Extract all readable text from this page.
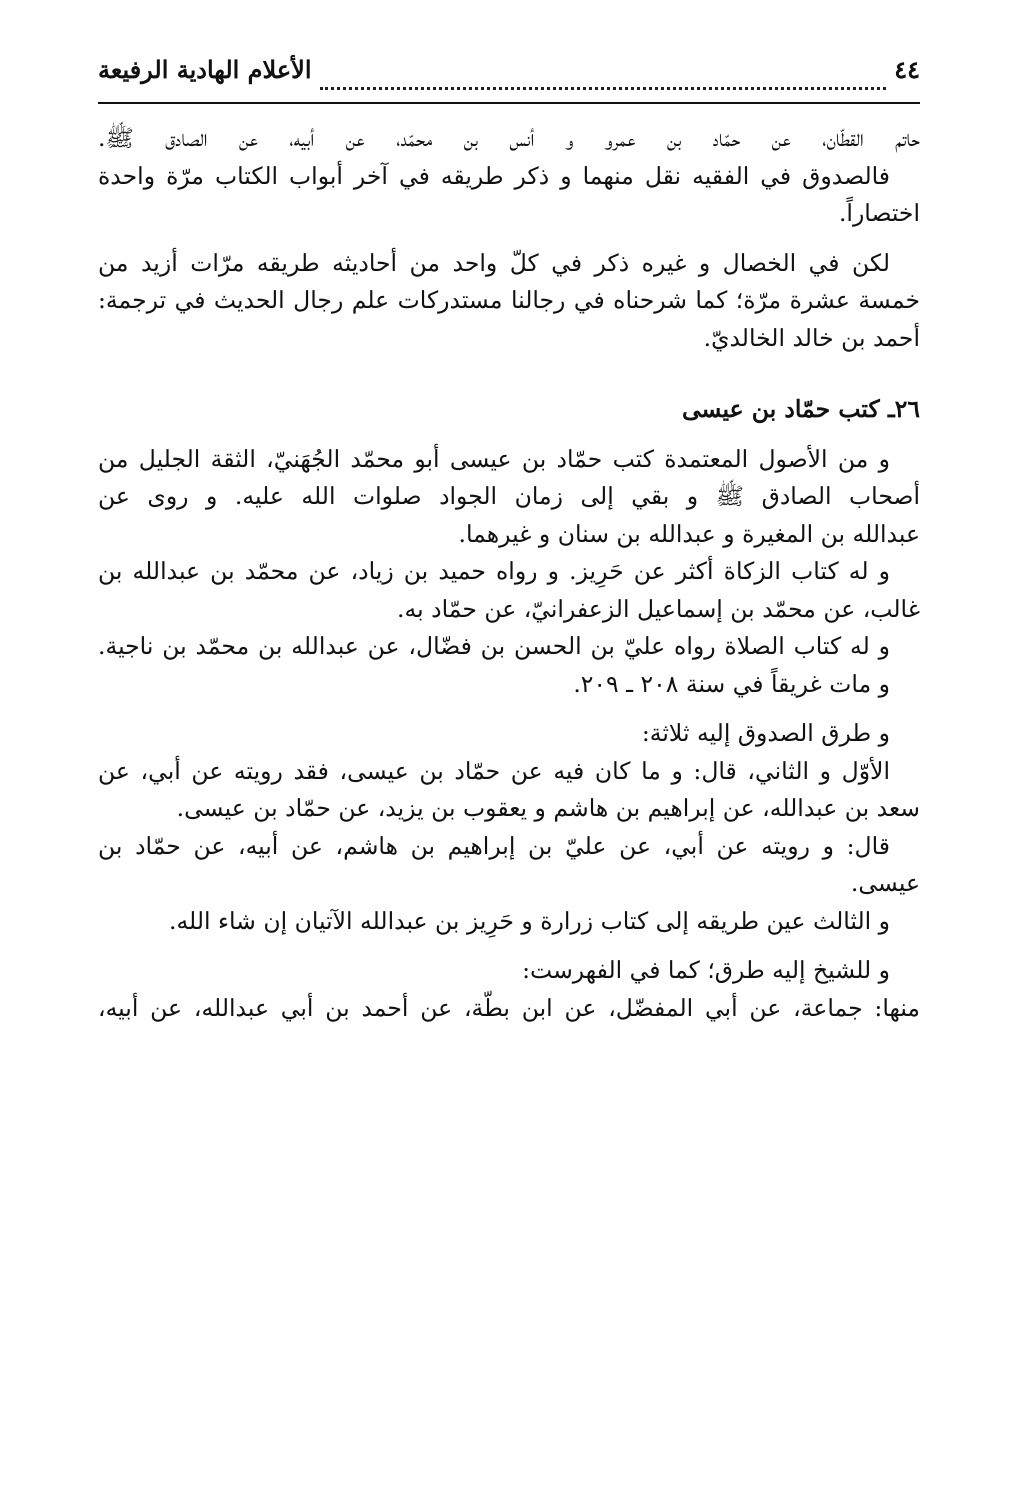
٤٤
الأعلام الهادية الرفيعة

حاتم القطّان، عن حمّاد بن عمرو و أنس بن محمّد، عن أبيه، عن الصادق ﷺ.

فالصدوق في الفقيه نقل منهما و ذكر طريقه في آخر أبواب الكتاب مرّة واحدة

اختصاراً.

لكن في الخصال و غيره ذكر في كلّ واحد من أحاديثه طريقه مرّات أزيد من

خمسة عشرة مرّة؛ كما شرحناه في رجالنا مستدركات علم رجال الحديث في ترجمة:

أحمد بن خالد الخالديّ.

٢٦ـ كتب حمّاد بن عيسى

و من الأصول المعتمدة كتب حمّاد بن عيسى أبو محمّد الجُهَنيّ، الثقة الجليل من

أصحاب الصادق ﷺ و بقي إلى زمان الجواد صلوات الله عليه. و روى عن

عبدالله بن المغيرة و عبدالله بن سنان و غيرهما.

و له كتاب الزكاة أكثر عن حَرِيز. و رواه حميد بن زياد، عن محمّد بن عبدالله بن

غالب، عن محمّد بن إسماعيل الزعفرانيّ، عن حمّاد به.

و له كتاب الصلاة رواه عليّ بن الحسن بن فضّال، عن عبدالله بن محمّد بن ناجية.

و مات غريقاً في سنة ٢٠٨ ـ ٢٠٩.

و طرق الصدوق إليه ثلاثة:

الأوّل و الثاني، قال: و ما كان فيه عن حمّاد بن عيسى، فقد رويته عن أبي، عن

سعد بن عبدالله، عن إبراهيم بن هاشم و يعقوب بن يزيد، عن حمّاد بن عيسى.

قال: و رويته عن أبي، عن عليّ بن إبراهيم بن هاشم، عن أبيه، عن حمّاد بن

عيسى.

و الثالث عين طريقه إلى كتاب زرارة و حَرِيز بن عبدالله الآتيان إن شاء الله.

و للشيخ إليه طرق؛ كما في الفهرست:

منها: جماعة، عن أبي المفضّل، عن ابن بطّة، عن أحمد بن أبي عبدالله، عن أبيه،
